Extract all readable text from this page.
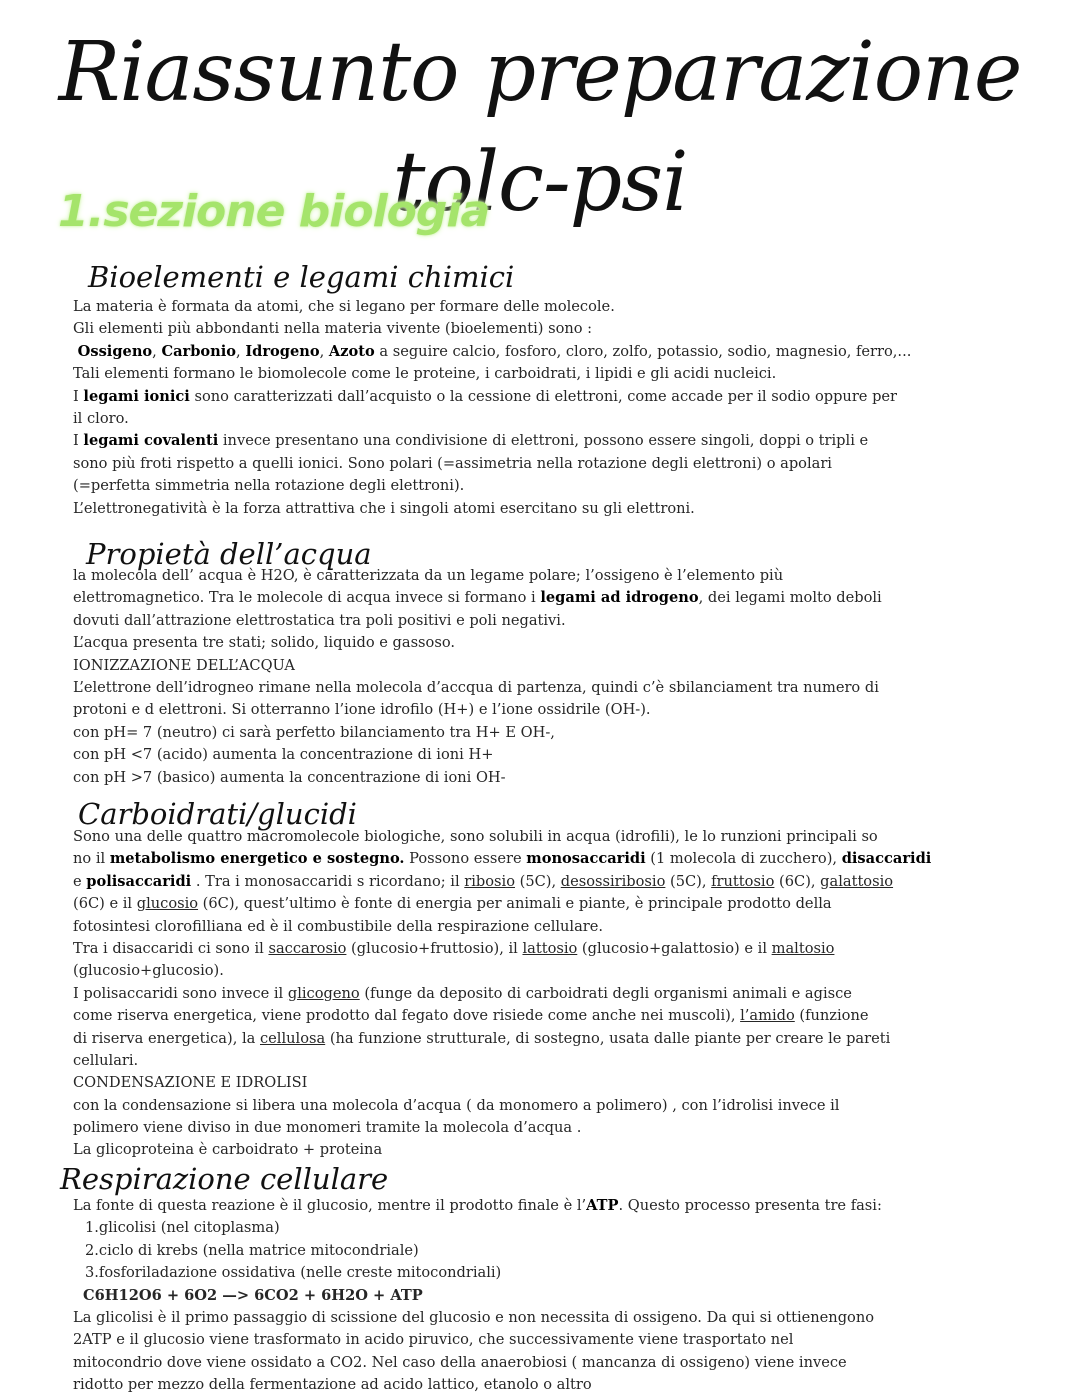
Riassunto preparazione tolc-psi
1.sezione biologia
Bioelementi e legami chimici
La materia è formata da atomi, che si legano per formare delle molecole.
Gli elementi più abbondanti nella materia vivente (bioelementi) sono :
Ossigeno, Carbonio, Idrogeno, Azoto a seguire calcio, fosforo, cloro, zolfo, potassio, sodio, magnesio, ferro,...
Tali elementi formano le biomolecole come le proteine, i carboidrati, i lipidi e gli acidi nucleici.
I legami ionici sono caratterizzati dall’acquisto o la cessione di elettroni, come accade per il sodio oppure per
il cloro.
I legami covalenti invece presentano una condivisione di elettroni, possono essere singoli, doppi o tripli e
sono più froti rispetto a quelli ionici. Sono polari (=assimetria nella rotazione degli elettroni) o apolari
(=perfetta simmetria nella rotazione degli elettroni).
L’elettronegatività è la forza attrattiva che i singoli atomi esercitano su gli elettroni.
Propietà dell’acqua
la molecola dell’ acqua è H2O, è caratterizzata da un legame polare; l’ossigeno è l’elemento più
elettromagnetico. Tra le molecole di acqua invece si formano i legami ad idrogeno, dei legami molto deboli
dovuti dall’attrazione elettrostatica tra poli positivi e poli negativi.
L’acqua presenta tre stati; solido, liquido e gassoso.
IONIZZAZIONE DELL’ACQUA
L’elettrone dell’idrogneo rimane nella molecola d’accqua di partenza, quindi c’è sbilanciament tra numero di
protoni e d elettroni. Si otterranno l’ione idrofilo (H+) e l’ione ossidrile (OH-).
con pH= 7 (neutro) ci sarà perfetto bilanciamento tra H+ E OH-,
con pH <7 (acido) aumenta la concentrazione di ioni H+
con pH >7 (basico) aumenta la concentrazione di ioni OH-
Carboidrati/glucidi
Sono una delle quattro macromolecole biologiche, sono solubili in acqua (idrofili), le lo runzioni principali so
no il metabolismo energetico e sostegno. Possono essere monosaccaridi (1 molecola di zucchero), disaccaridi
e polisaccaridi . Tra i monosaccaridi s ricordano; il ribosio (5C), desossiribosio (5C), fruttosio (6C), galattosio
(6C) e il glucosio (6C), quest’ultimo è fonte di energia per animali e piante, è principale prodotto della
fotosintesi clorofilliana ed è il combustibile della respirazione cellulare.
Tra i disaccaridi ci sono il saccarosio (glucosio+fruttosio), il lattosio (glucosio+galattosio) e il maltosio
(glucosio+glucosio).
I polisaccaridi sono invece il glicogeno (funge da deposito di carboidrati degli organismi animali e agisce
come riserva energetica, viene prodotto dal fegato dove risiede come anche nei muscoli), l’amido (funzione
di riserva energetica), la cellulosa (ha funzione strutturale, di sostegno, usata dalle piante per creare le pareti
cellulari.
CONDENSAZIONE E IDROLISI
con la condensazione si libera una molecola d’acqua ( da monomero a polimero) , con l’idrolisi invece il
polimero viene diviso in due monomeri tramite la molecola d’acqua .
La glicoproteina è carboidrato + proteina
Respirazione cellulare
La fonte di questa reazione è il glucosio, mentre il prodotto finale è l’ATP. Questo processo presenta tre fasi:
1.glicolisi (nel citoplasma)
2.ciclo di krebs (nella matrice mitocondriale)
3.fosforiladazione ossidativa (nelle creste mitocondriali)
C6H12O6 + 6O2 —> 6CO2 + 6H2O + ATP
La glicolisi è il primo passaggio di scissione del glucosio e non necessita di ossigeno. Da qui si ottienengono
2ATP e il glucosio viene trasformato in acido piruvico, che successivamente viene trasportato nel
mitocondrio dove viene ossidato a CO2. Nel caso della anaerobiosi ( mancanza di ossigeno) viene invece
ridotto per mezzo della fermentazione ad acido lattico, etanolo o altro
